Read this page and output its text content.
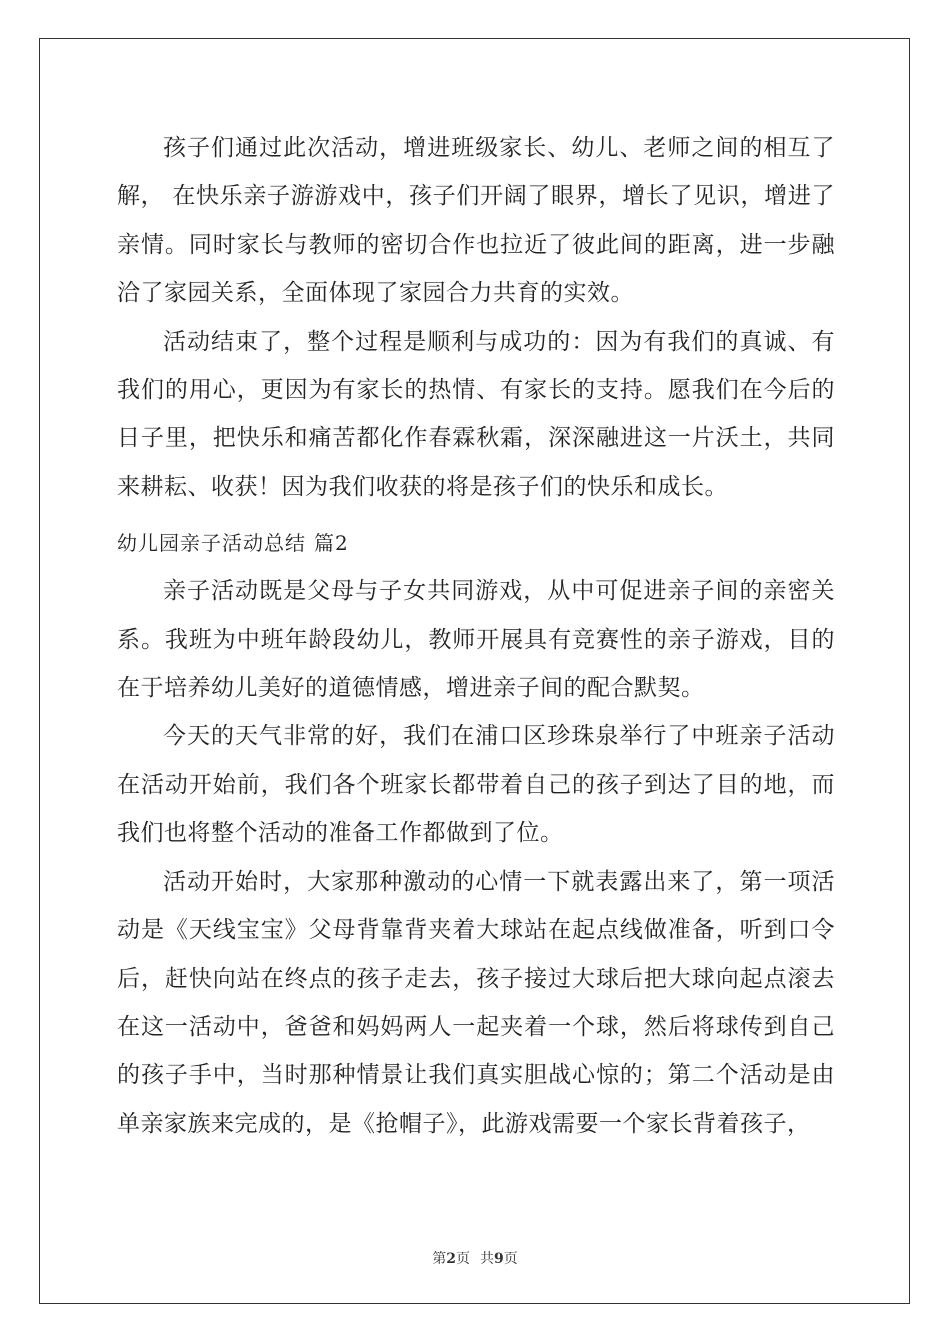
孩子们通过此次活动，增进班级家长、幼儿、老师之间的相互了解， 在快乐亲子游游戏中，孩子们开阔了眼界，增长了见识，增进了亲情。同时家长与教师的密切合作也拉近了彼此间的距离，进一步融洽了家园关系，全面体现了家园合力共育的实效。

活动结束了，整个过程是顺利与成功的：因为有我们的真诚、有我们的用心，更因为有家长的热情、有家长的支持。愿我们在今后的日子里，把快乐和痛苦都化作春霖秋霜，深深融进这一片沃土，共同来耕耘、收获！因为我们收获的将是孩子们的快乐和成长。

幼儿园亲子活动总结 篇2

亲子活动既是父母与子女共同游戏，从中可促进亲子间的亲密关系。我班为中班年龄段幼儿，教师开展具有竞赛性的亲子游戏，目的在于培养幼儿美好的道德情感，增进亲子间的配合默契。

今天的天气非常的好，我们在浦口区珍珠泉举行了中班亲子活动在活动开始前，我们各个班家长都带着自己的孩子到达了目的地，而我们也将整个活动的准备工作都做到了位。

活动开始时，大家那种激动的心情一下就表露出来了，第一项活动是《天线宝宝》父母背靠背夹着大球站在起点线做准备，听到口令后，赶快向站在终点的孩子走去，孩子接过大球后把大球向起点滚去在这一活动中，爸爸和妈妈两人一起夹着一个球，然后将球传到自己的孩子手中，当时那种情景让我们真实胆战心惊的；第二个活动是由单亲家族来完成的，是《抢帽子》，此游戏需要一个家长背着孩子，

第2页 共9页
